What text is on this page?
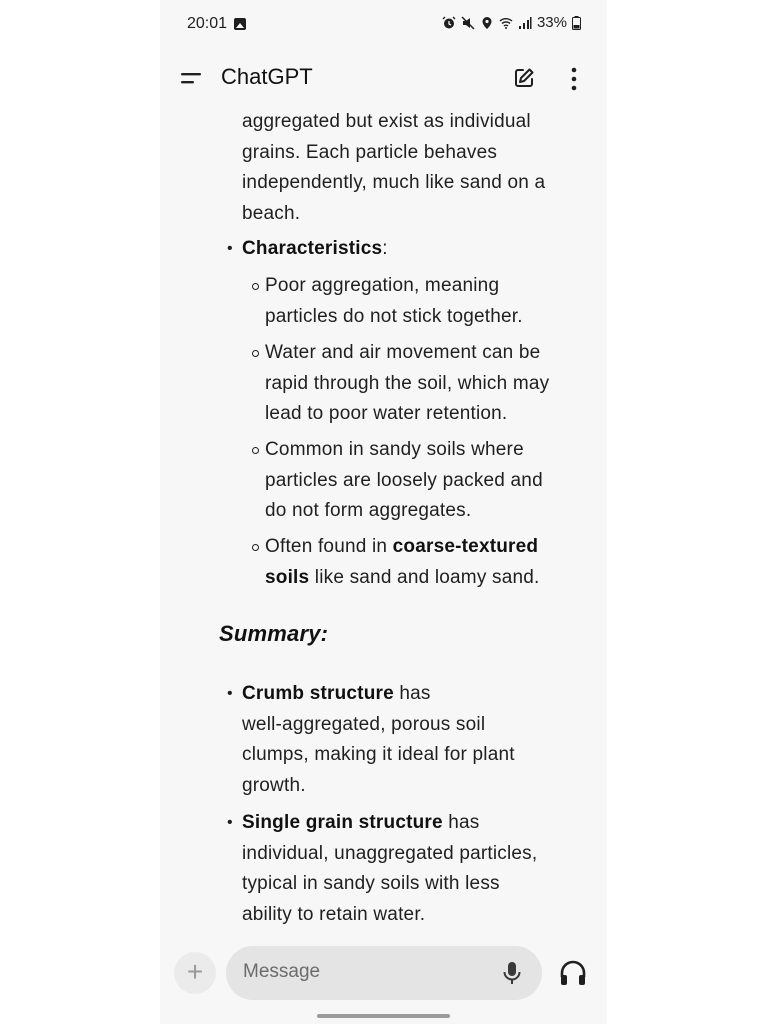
20:01	33%
ChatGPT
aggregated but exist as individual
grains. Each particle behaves
independently, much like sand on a
beach.
• Characteristics:
Poor aggregation, meaning
particles do not stick together.
Water and air movement can be
rapid through the soil, which may
lead to poor water retention.
Common in sandy soils where
particles are loosely packed and
do not form aggregates.
Often found in coarse-textured
soils like sand and loamy sand.
Summary:
• Crumb structure has
well-aggregated, porous soil
clumps, making it ideal for plant
growth.
• Single grain structure has
individual, unaggregated particles,
typical in sandy soils with less
ability to retain water.
+	Message
